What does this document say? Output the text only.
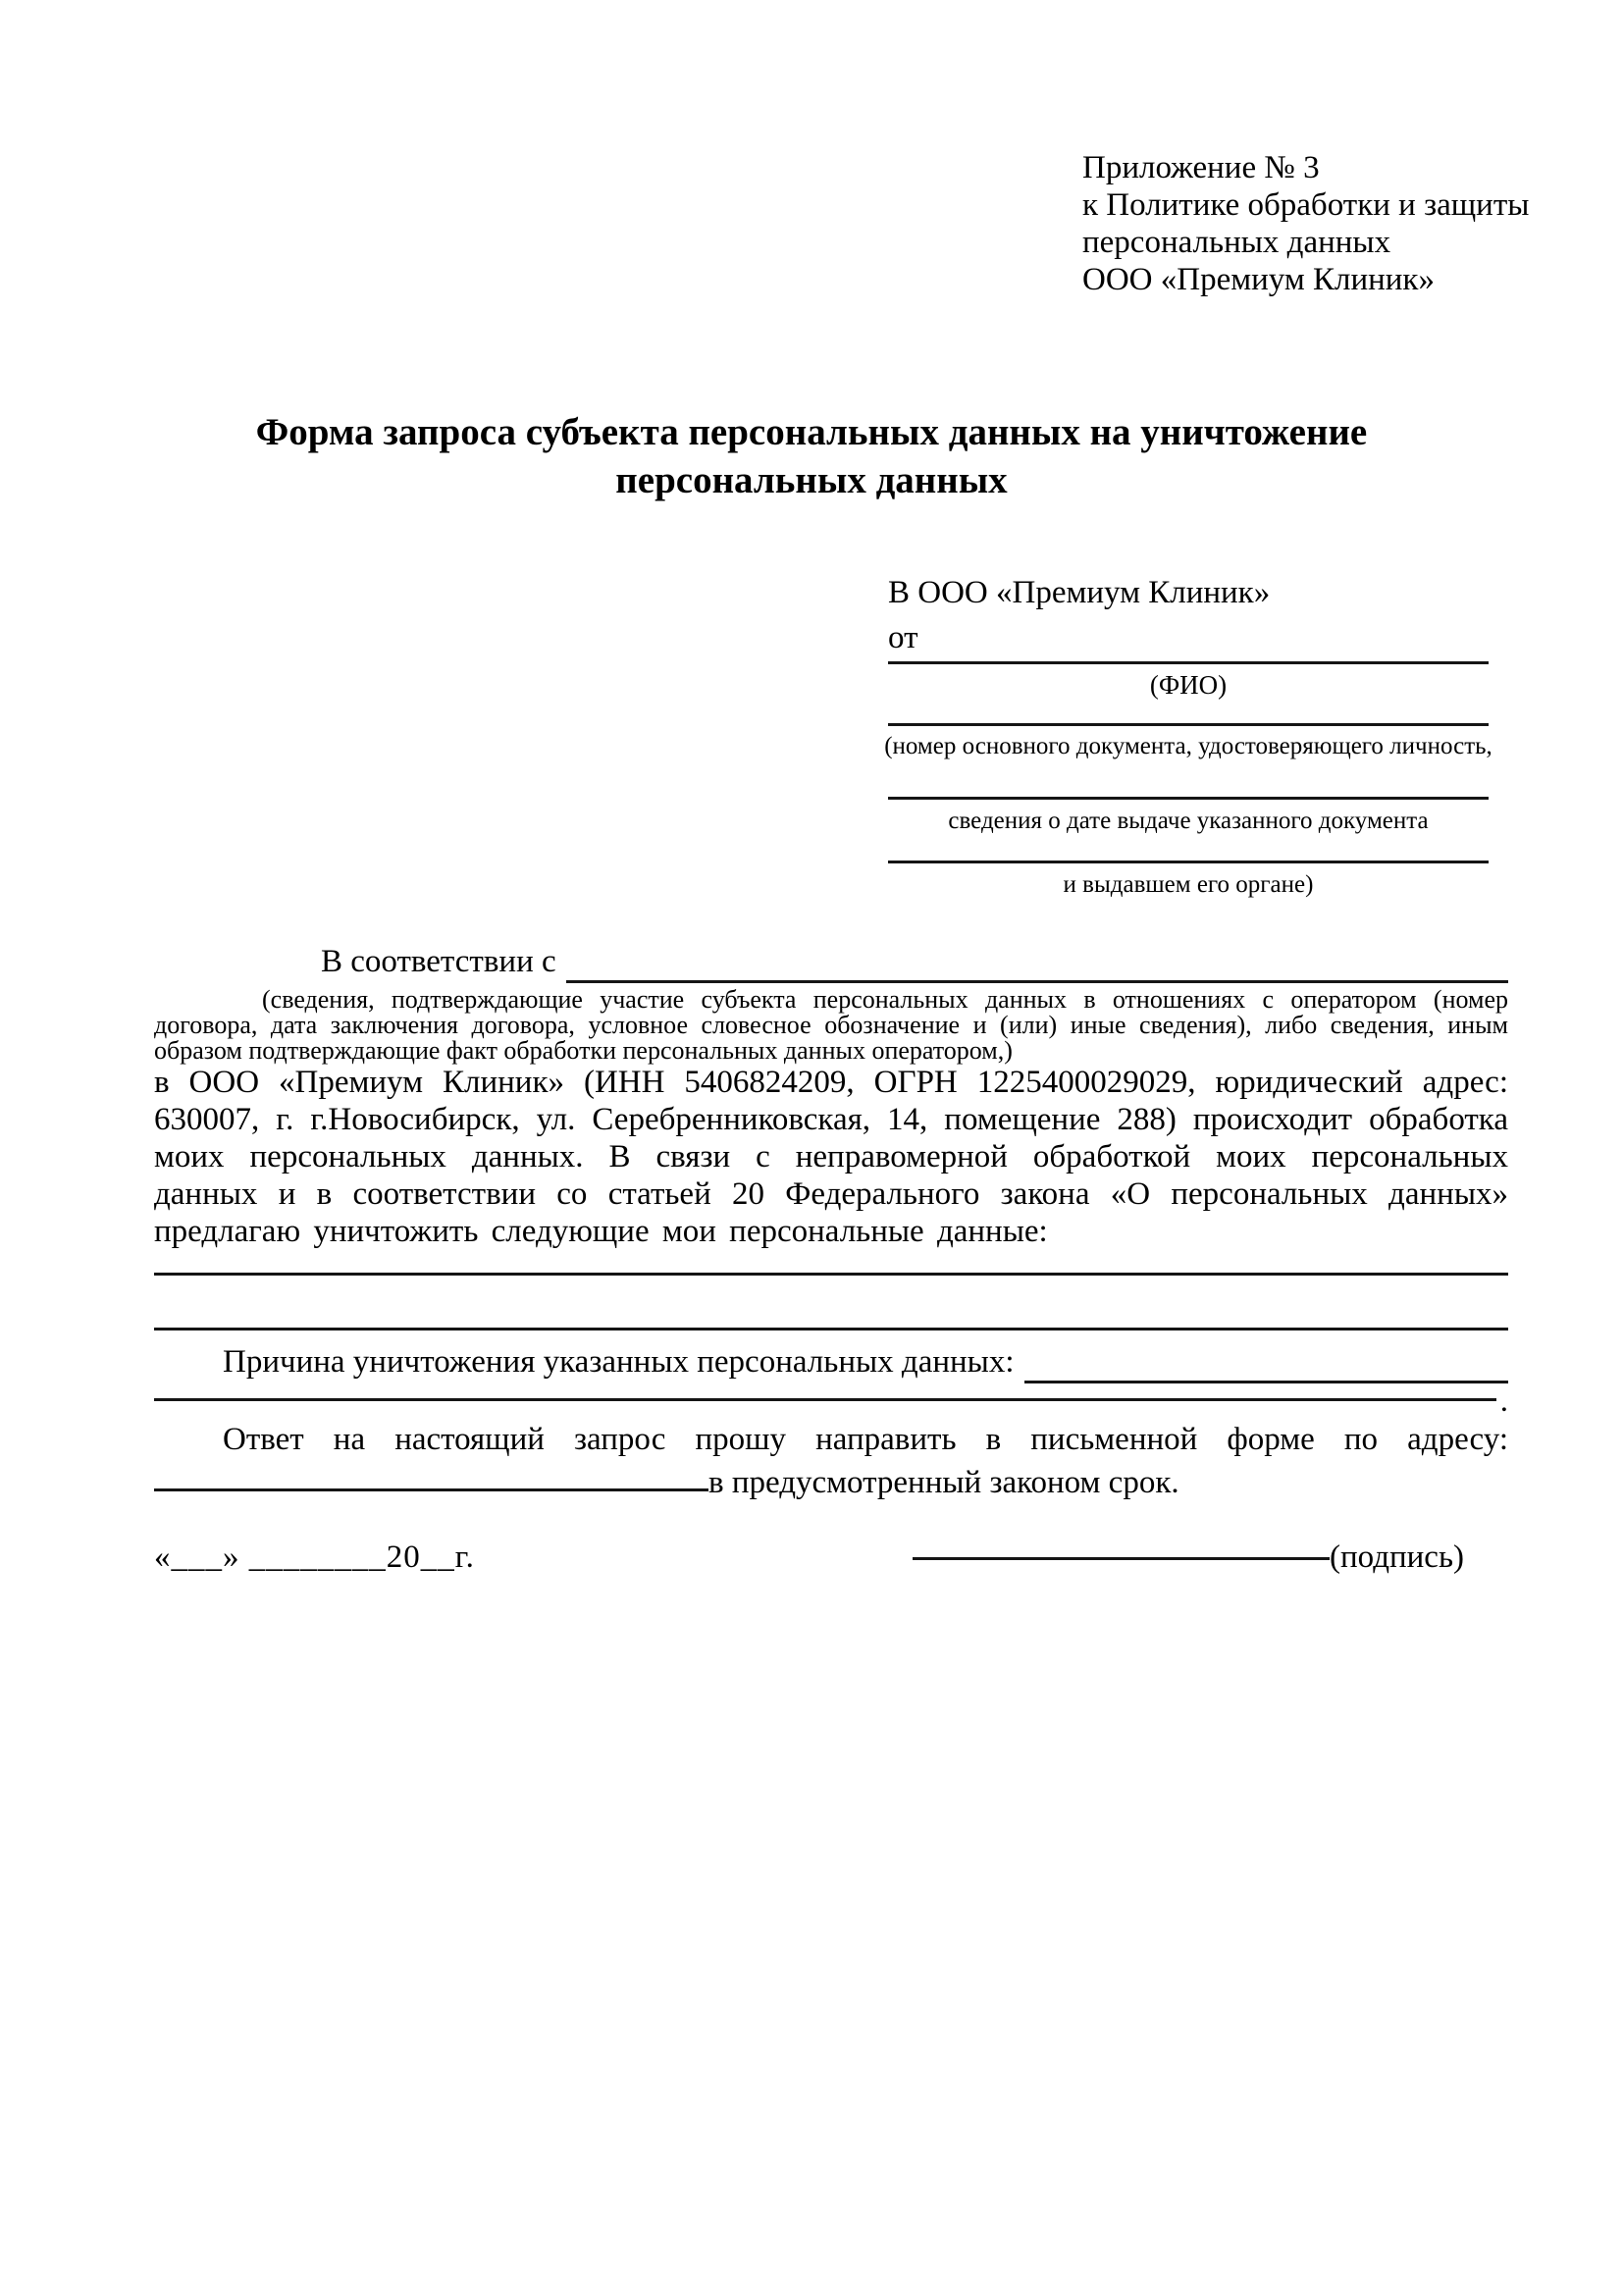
Приложение № 3
к Политике обработки и защиты
персональных данных
ООО «Премиум Клиник»
Форма запроса субъекта персональных данных на уничтожение
персональных данных
В ООО «Премиум Клиник»
от
(ФИО)
(номер основного документа, удостоверяющего личность,
сведения о дате выдаче указанного документа
и выдавшем его органе)
В соответствии с

(сведения, подтверждающие участие субъекта персональных данных в отношениях с оператором (номер договора, дата заключения договора, условное словесное обозначение и (или) иные сведения), либо сведения, иным образом подтверждающие факт обработки персональных данных оператором,)

в ООО «Премиум Клиник» (ИНН 5406824209, ОГРН 1225400029029, юридический адрес: 630007, г. г.Новосибирск, ул. Серебренниковская, 14, помещение 288) происходит обработка моих персональных данных. В связи с неправомерной обработкой моих персональных данных и в соответствии со статьей 20 Федерального закона «О персональных данных» предлагаю уничтожить следующие мои персональные данные:

Причина уничтожения указанных персональных данных:
.

Ответ на настоящий запрос прошу направить в письменной форме по адресу:

в предусмотренный законом срок.
«___» ________20__г.	(подпись)
